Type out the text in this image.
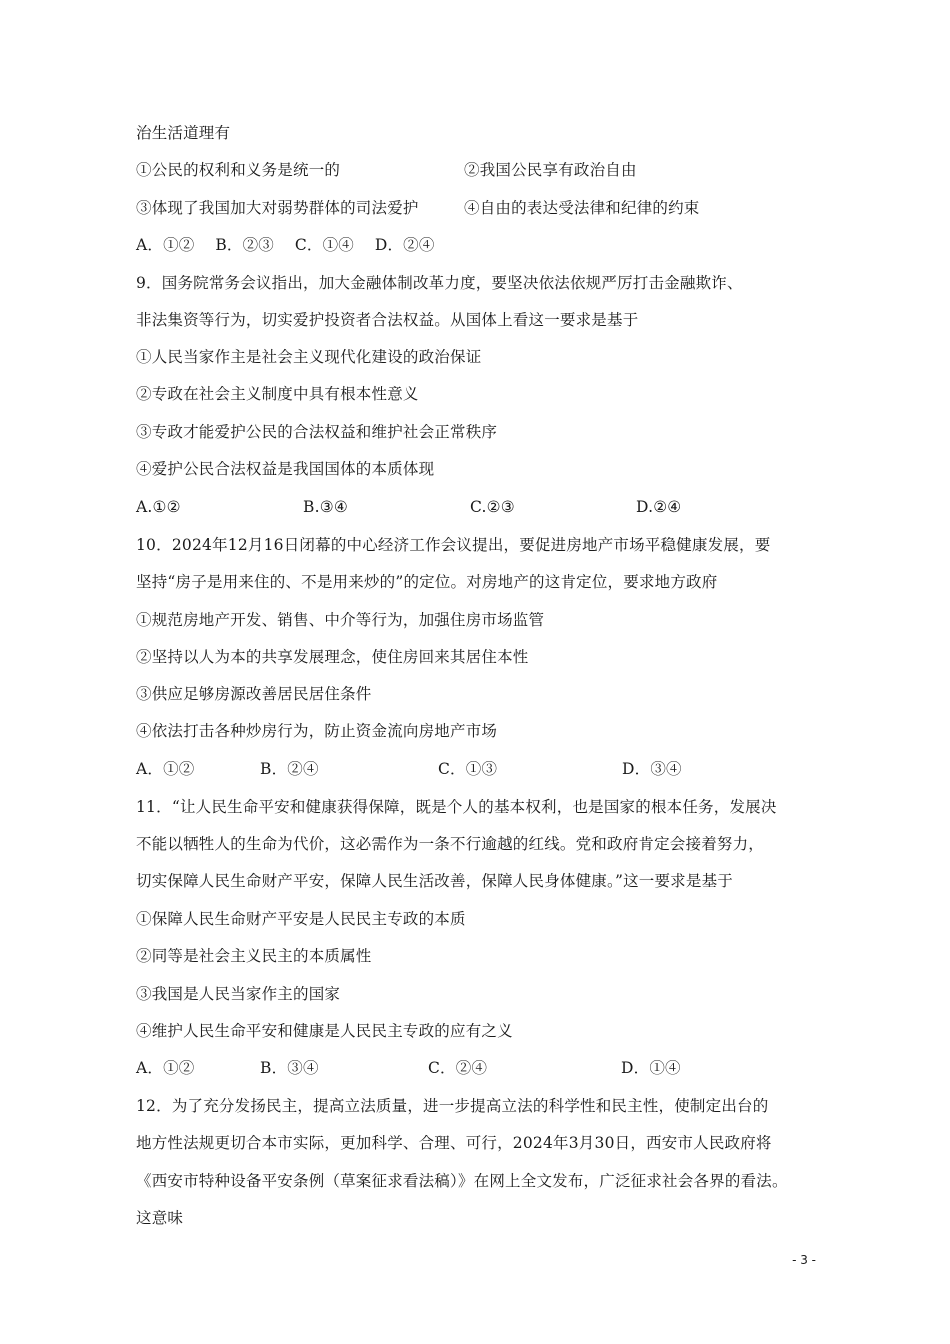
治生活道理有
①公民的权利和义务是统一的	②我国公民享有政治自由
③体现了我国加大对弱势群体的司法爱护	④自由的表达受法律和纪律的约束
A．①②　 B．②③　 C．①④　 D．②④
9．国务院常务会议指出，加大金融体制改革力度，要坚决依法依规严厉打击金融欺诈、
非法集资等行为，切实爱护投资者合法权益。从国体上看这一要求是基于
①人民当家作主是社会主义现代化建设的政治保证
②专政在社会主义制度中具有根本性意义
③专政才能爱护公民的合法权益和维护社会正常秩序
④爱护公民合法权益是我国国体的本质体现
A.①②	B.③④	C.②③	D.②④
10．2024年12月16日闭幕的中心经济工作会议提出，要促进房地产市场平稳健康发展，要
坚持“房子是用来住的、不是用来炒的”的定位。对房地产的这肯定位，要求地方政府
①规范房地产开发、销售、中介等行为，加强住房市场监管
②坚持以人为本的共享发展理念，使住房回来其居住本性
③供应足够房源改善居民居住条件
④依法打击各种炒房行为，防止资金流向房地产市场
A．①②	B．②④	C．①③	D．③④
11．“让人民生命平安和健康获得保障，既是个人的基本权利，也是国家的根本任务，发展决
不能以牺牲人的生命为代价，这必需作为一条不行逾越的红线。党和政府肯定会接着努力，
切实保障人民生命财产平安，保障人民生活改善，保障人民身体健康。”这一要求是基于
①保障人民生命财产平安是人民民主专政的本质
②同等是社会主义民主的本质属性
③我国是人民当家作主的国家
④维护人民生命平安和健康是人民民主专政的应有之义
A．①②	B．③④	C．②④	D．①④
12．为了充分发扬民主，提高立法质量，进一步提高立法的科学性和民主性，使制定出台的
地方性法规更切合本市实际，更加科学、合理、可行，2024年3月30日，西安市人民政府将
《西安市特种设备平安条例（草案征求看法稿）》在网上全文发布，广泛征求社会各界的看法。
这意味
- 3 -
